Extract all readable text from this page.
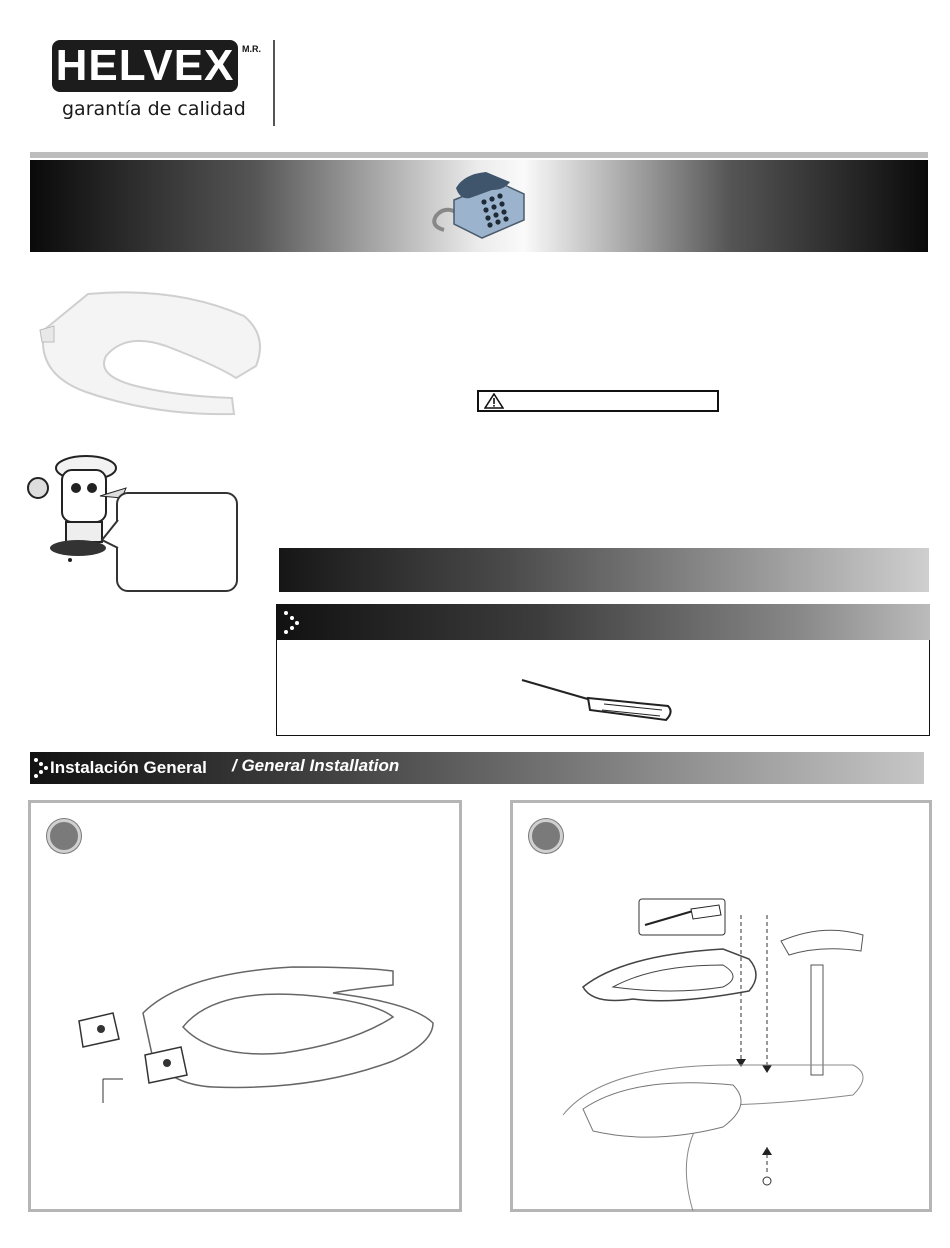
HELVEX M.R.
garantía de calidad
Instalación General / General Installation
